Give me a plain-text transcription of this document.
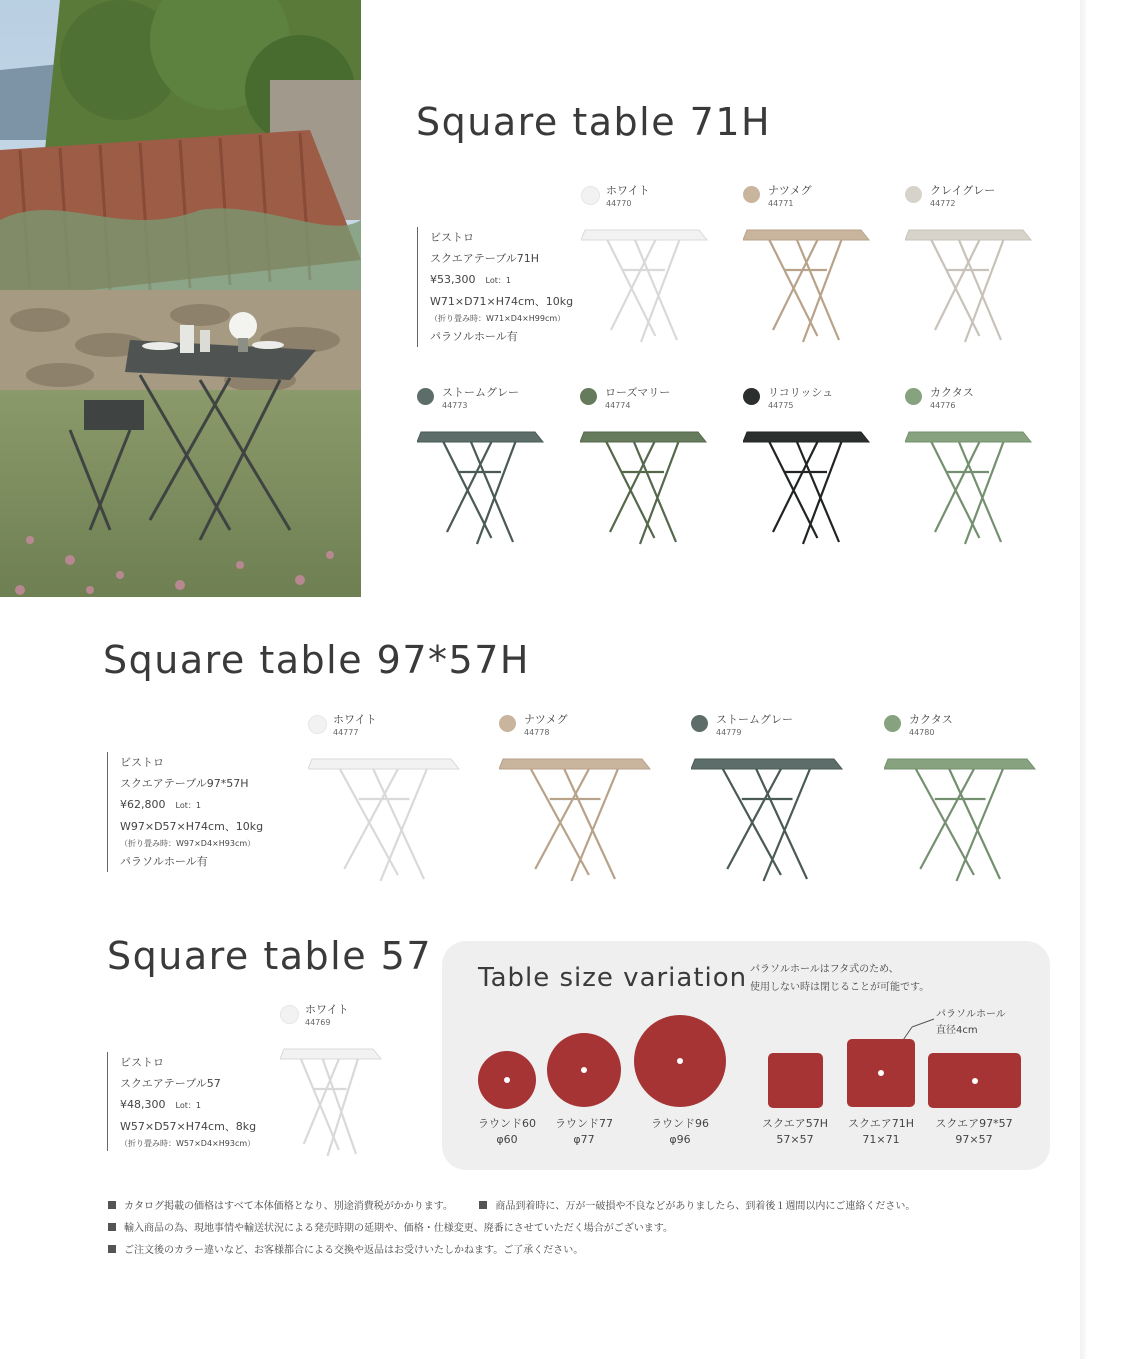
Square table 71H
ビストロ
スクエアテーブル71H
¥53,300 Lot：1
W71×D71×H74cm、10kg
（折り畳み時：W71×D4×H99cm）
パラソルホール有
ホワイト
44770
ナツメグ
44771
クレイグレー
44772
ストームグレー
44773
ローズマリー
44774
リコリッシュ
44775
カクタス
44776
Square table 97*57H
ビストロ
スクエアテーブル97*57H
¥62,800 Lot：1
W97×D57×H74cm、10kg
（折り畳み時：W97×D4×H93cm）
パラソルホール有
ホワイト
44777
ナツメグ
44778
ストームグレー
44779
カクタス
44780
Square table 57
ビストロ
スクエアテーブル57
¥48,300 Lot：1
W57×D57×H74cm、8kg
（折り畳み時：W57×D4×H93cm）
ホワイト
44769
Table size variation パラソルホールはフタ式のため、
使用しない時は閉じることが可能です。
パラソルホール
直径4cm
ラウンド60
φ60
ラウンド77
φ77
ラウンド96
φ96
スクエア57H
57×57
スクエア71H
71×71
スクエア97*57
97×57
カタログ掲載の価格はすべて本体価格となり、別途消費税がかかります。	商品到着時に、万が一破損や不良などがありましたら、到着後１週間以内にご連絡ください。
輸入商品の為、現地事情や輸送状況による発売時期の延期や、価格・仕様変更、廃番にさせていただく場合がございます。
ご注文後のカラー違いなど、お客様都合による交換や返品はお受けいたしかねます。ご了承ください。
